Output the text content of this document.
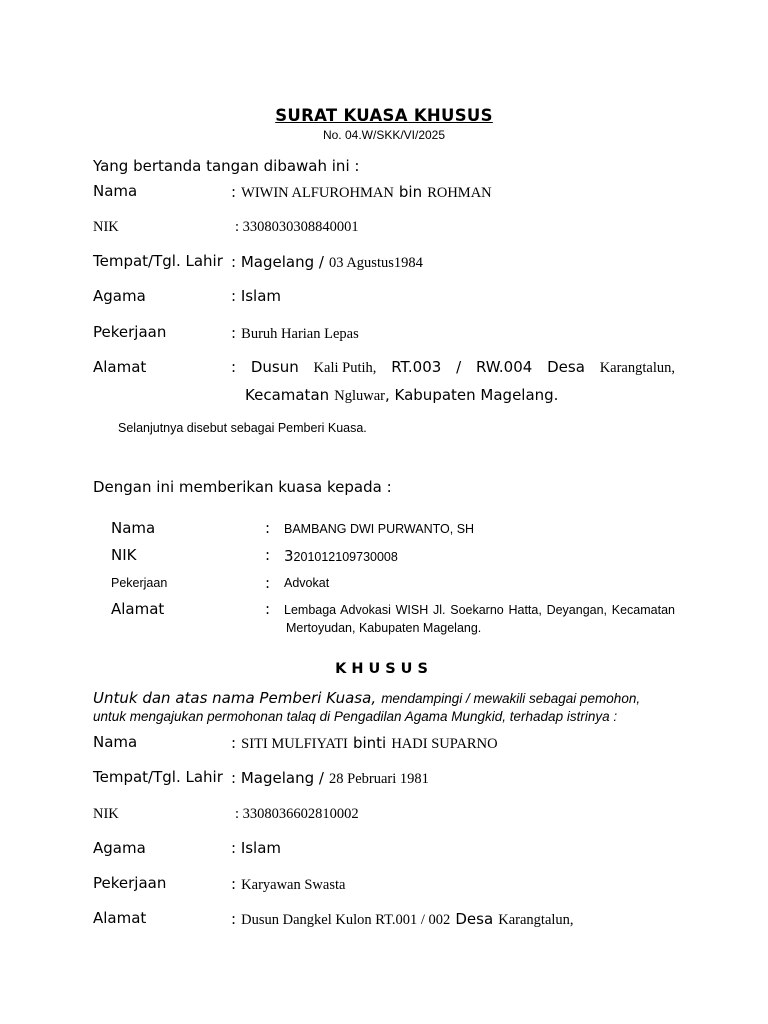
SURAT KUASA KHUSUS
No. 04.W/SKK/VI/2025
Yang bertanda tangan dibawah ini :
Nama	: WIWIN ALFUROHMAN bin ROHMAN
NIK	: 3308030308840001
Tempat/Tgl. Lahir : Magelang / 03 Agustus1984
Agama	: Islam
Pekerjaan	: Buruh Harian Lepas
Alamat	: Dusun Kali Putih, RT.003 / RW.004 Desa Karangtalun,
Kecamatan Ngluwar, Kabupaten Magelang.
Selanjutnya disebut sebagai Pemberi Kuasa.
Dengan ini memberikan kuasa kepada :
Nama	: BAMBANG DWI PURWANTO, SH
NIK	: 3201012109730008
Pekerjaan	: Advokat
Alamat	: Lembaga Advokasi WISH Jl. Soekarno Hatta, Deyangan, Kecamatan
Mertoyudan, Kabupaten Magelang.
KHUSUS
Untuk dan atas nama Pemberi Kuasa, mendampingi / mewakili sebagai pemohon,
untuk mengajukan permohonan talaq di Pengadilan Agama Mungkid, terhadap istrinya :
Nama	: SITI MULFIYATI binti HADI SUPARNO
Tempat/Tgl. Lahir : Magelang / 28 Pebruari 1981
NIK	: 3308036602810002
Agama	: Islam
Pekerjaan	: Karyawan Swasta
Alamat	: Dusun Dangkel Kulon RT.001 / 002 Desa Karangtalun,
